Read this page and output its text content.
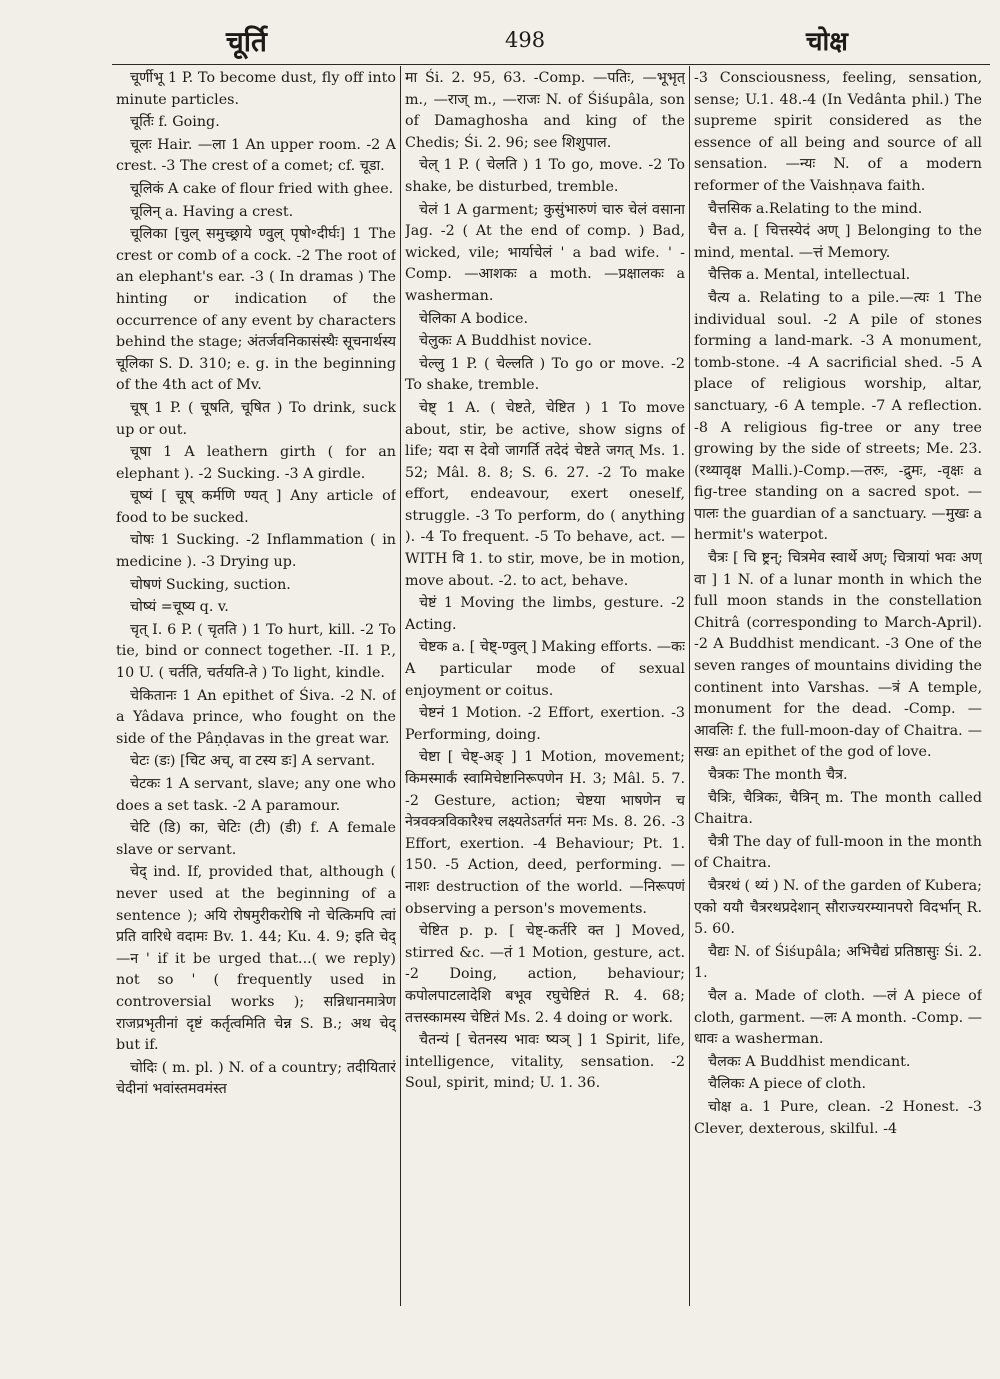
चूर्ति	498	चोक्ष

चूर्णीभू 1 P. To become dust, fly off into minute particles.

चूर्तिः f. Going.

चूलः Hair. —ला 1 An upper room. -2 A crest. -3 The crest of a comet; cf. चूडा.

चूलिकं A cake of flour fried with ghee.

चूलिन् a. Having a crest.

चूलिका [चुल् समुच्छ्राये ण्वुल् पृषो॰दीर्घः] 1 The crest or comb of a cock. -2 The root of an elephant's ear. -3 ( In dramas ) The hinting or indication of the occurrence of any event by characters behind the stage; अंतर्जवनिकासंस्थैः सूचनार्थस्य चूलिका S. D. 310; e. g. in the beginning of the 4th act of Mv.

चूष् 1 P. ( चूषति, चूषित ) To drink, suck up or out.

चूषा 1 A leathern girth ( for an elephant ). -2 Sucking. -3 A girdle.

चूष्यं [ चूष् कर्मणि ण्यत् ] Any article of food to be sucked.

चोषः 1 Sucking. -2 Inflammation ( in medicine ). -3 Drying up.

चोषणं Sucking, suction.

चोष्यं =चूष्य q. v.

चृत् I. 6 P. ( चृतति ) 1 To hurt, kill. -2 To tie, bind or connect together. -II. 1 P., 10 U. ( चर्तति, चर्तयति-ते ) To light, kindle.

चेकितानः 1 An epithet of Śiva. -2 N. of a Yâdava prince, who fought on the side of the Pâṇḍavas in the great war.

चेटः (डः) [चिट अच्, वा टस्य डः] A servant.

चेटकः 1 A servant, slave; any one who does a set task. -2 A paramour.

चेटि (डि) का, चेटिः (टी) (डी) f. A female slave or servant.

चेद् ind. If, provided that, although ( never used at the beginning of a sentence ); अयि रोषमुरीकरोषि नो चेत्किमपि त्वां प्रति वारिधे वदामः Bv. 1. 44; Ku. 4. 9; इति चेद् —न ' if it be urged that...( we reply) not so ' ( frequently used in controversial works ); सन्निधानमात्रेण राजप्रभृतीनां दृष्टं कर्तृत्वमिति चेन्न S. B.; अथ चेद् but if.

चोदिः ( m. pl. ) N. of a country; तदीयितारं चेदीनां भवांस्तमवमंस्त

मा Śi. 2. 95, 63. -Comp. —पतिः, —भूभृत् m., —राज् m., —राजः N. of Śiśupâla, son of Damaghosha and king of the Chedis; Śi. 2. 96; see शिशुपाल.

चेल् 1 P. ( चेलति ) 1 To go, move. -2 To shake, be disturbed, tremble.

चेलं 1 A garment; कुसुंभारुणं चारु चेलं वसाना Jag. -2 ( At the end of comp. ) Bad, wicked, vile; भार्याचेलं ' a bad wife. ' -Comp. —आशकः a moth. —प्रक्षालकः a washerman.

चेलिका A bodice.

चेलुकः A Buddhist novice.

चेल्लु 1 P. ( चेल्लति ) To go or move. -2 To shake, tremble.

चेष्ट् 1 A. ( चेष्टते, चेष्टित ) 1 To move about, stir, be active, show signs of life; यदा स देवो जागर्ति तदेदं चेष्टते जगत् Ms. 1. 52; Mâl. 8. 8; S. 6. 27. -2 To make effort, endeavour, exert oneself, struggle. -3 To perform, do ( anything ). -4 To frequent. -5 To behave, act. —WITH वि 1. to stir, move, be in motion, move about. -2. to act, behave.

चेष्टं 1 Moving the limbs, gesture. -2 Acting.

चेष्टक a. [ चेष्ट्-ण्वुल् ] Making efforts. —कः A particular mode of sexual enjoyment or coitus.

चेष्टनं 1 Motion. -2 Effort, exertion. -3 Performing, doing.

चेष्टा [ चेष्ट्-अङ् ] 1 Motion, movement; किमस्मार्कं स्वामिचेष्टानिरूपणेन H. 3; Mâl. 5. 7. -2 Gesture, action; चेष्टया भाषणेन च नेत्रवक्त्रविकारैश्च लक्ष्यतेऽतर्गतं मनः Ms. 8. 26. -3 Effort, exertion. -4 Behaviour; Pt. 1. 150. -5 Action, deed, performing. —नाशः destruction of the world. —निरूपणं observing a person's movements.

चेष्टित p. p. [ चेष्ट्-कर्तरि क्त ] Moved, stirred &c. —तं 1 Motion, gesture, act. -2 Doing, action, behaviour; कपोलपाटलादेशि बभूव रघुचेष्टितं R. 4. 68; तत्तस्कामस्य चेष्टितं Ms. 2. 4 doing or work.

चैतन्यं [ चेतनस्य भावः ष्यञ् ] 1 Spirit, life, intelligence, vitality, sensation. -2 Soul, spirit, mind; U. 1. 36.

-3 Consciousness, feeling, sensation, sense; U.1. 48.-4 (In Vedânta phil.) The supreme spirit considered as the essence of all being and source of all sensation. —न्यः N. of a modern reformer of the Vaishṇava faith.

चैत्तसिक a.Relating to the mind.

चैत्त a. [ चित्तस्येदं अण् ] Belonging to the mind, mental. —त्तं Memory.

चैत्तिक a. Mental, intellectual.

चैत्य a. Relating to a pile.—त्यः 1 The individual soul. -2 A pile of stones forming a land-mark. -3 A monument, tomb-stone. -4 A sacrificial shed. -5 A place of religious worship, altar, sanctuary, -6 A temple. -7 A reflection. -8 A religious fig-tree or any tree growing by the side of streets; Me. 23. (रथ्यावृक्ष Malli.)-Comp.—तरुः, -द्रुमः, -वृक्षः a fig-tree standing on a sacred spot. —पालः the guardian of a sanctuary. —मुखः a hermit's waterpot.

चैत्रः [ चि ष्ट्रन्; चित्रमेव स्वार्थे अण्; चित्रायां भवः अण् वा ] 1 N. of a lunar month in which the full moon stands in the constellation Chitrâ (corresponding to March-April). -2 A Buddhist mendicant. -3 One of the seven ranges of mountains dividing the continent into Varshas. —त्रं A temple, monument for the dead. -Comp. —आवलिः f. the full-moon-day of Chaitra. —सखः an epithet of the god of love.

चैत्रकः The month चैत्र.

चैत्रिः, चैत्रिकः, चैत्रिन् m. The month called Chaitra.

चैत्री The day of full-moon in the month of Chaitra.

चैत्ररथं ( थ्यं ) N. of the garden of Kubera; एको ययौ चैत्ररथप्रदेशान् सौराज्यरम्यानपरो विदर्भान् R. 5. 60.

चैद्यः N. of Śiśupâla; अभिचैद्यं प्रतिष्ठासुः Śi. 2. 1.

चैल a. Made of cloth. —लं A piece of cloth, garment. —लः A month. -Comp. —धावः a washerman.

चैलकः A Buddhist mendicant.

चैलिकः A piece of cloth.

चोक्ष a. 1 Pure, clean. -2 Honest. -3 Clever, dexterous, skilful. -4
